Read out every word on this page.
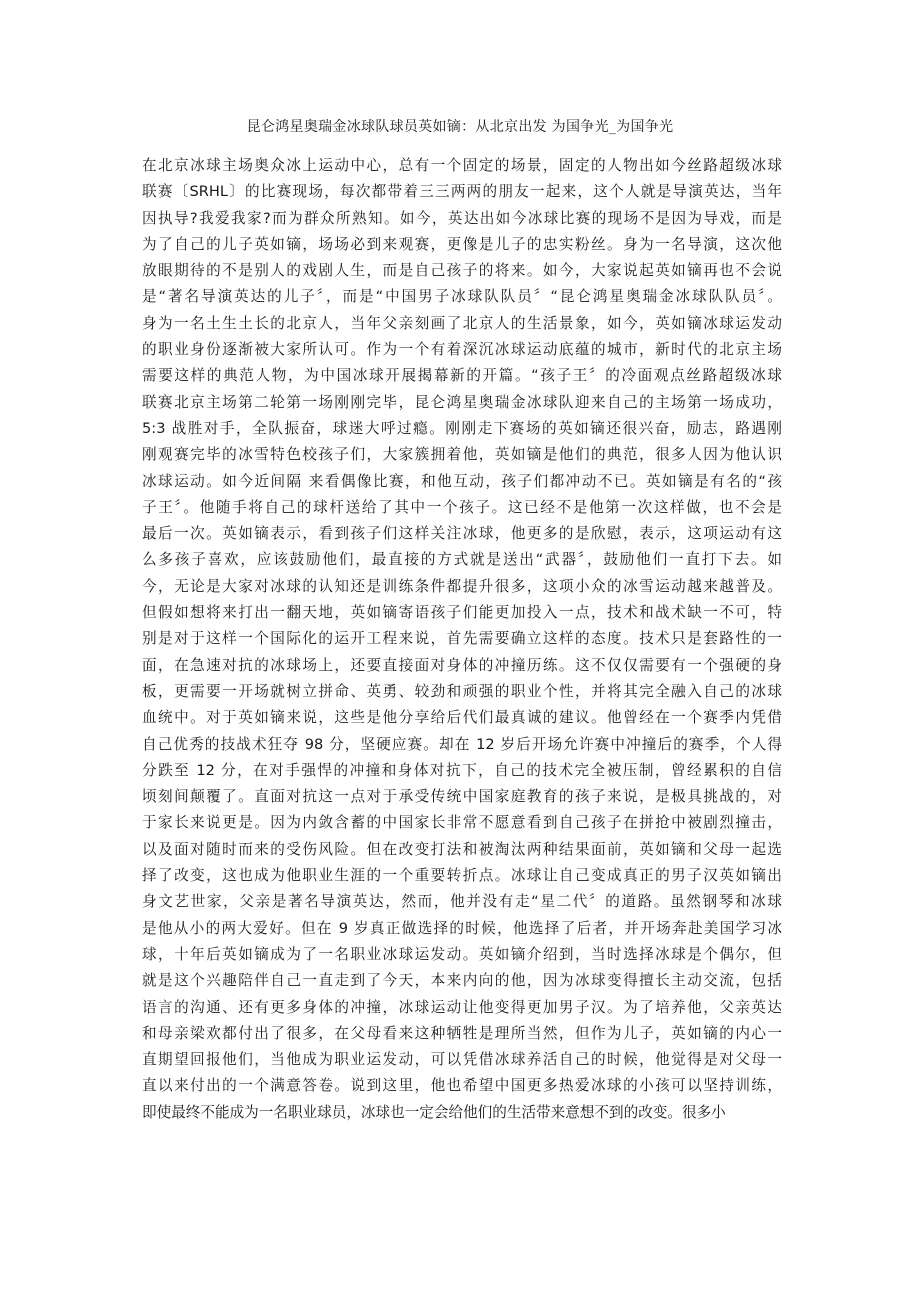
昆仑鸿星奥瑞金冰球队球员英如镝：从北京出发 为国争光_为国争光
在北京冰球主场奥众冰上运动中心，总有一个固定的场景，固定的人物出如今丝路超级冰球
联赛〔SRHL〕的比赛现场，每次都带着三三两两的朋友一起来，这个人就是导演英达，当年
因执导?我爱我家?而为群众所熟知。如今，英达出如今冰球比赛的现场不是因为导戏，而是
为了自己的儿子英如镝，场场必到来观赛，更像是儿子的忠实粉丝。身为一名导演，这次他
放眼期待的不是别人的戏剧人生，而是自己孩子的将来。如今，大家说起英如镝再也不会说
是“著名导演英达的儿子〞，而是“中国男子冰球队队员〞“昆仑鸿星奥瑞金冰球队队员〞。
身为一名土生土长的北京人，当年父亲刻画了北京人的生活景象，如今，英如镝冰球运发动
的职业身份逐渐被大家所认可。作为一个有着深沉冰球运动底蕴的城市，新时代的北京主场
需要这样的典范人物，为中国冰球开展揭幕新的开篇。“孩子王〞的冷面观点丝路超级冰球
联赛北京主场第二轮第一场刚刚完毕，昆仑鸿星奥瑞金冰球队迎来自己的主场第一场成功，
5:3 战胜对手，全队振奋，球迷大呼过瘾。刚刚走下赛场的英如镝还很兴奋，励志，路遇刚
刚观赛完毕的冰雪特色校孩子们，大家簇拥着他，英如镝是他们的典范，很多人因为他认识
冰球运动。如今近间隔 来看偶像比赛，和他互动，孩子们都冲动不已。英如镝是有名的“孩
子王〞。他随手将自己的球杆送给了其中一个孩子。这已经不是他第一次这样做，也不会是
最后一次。英如镝表示，看到孩子们这样关注冰球，他更多的是欣慰，表示，这项运动有这
么多孩子喜欢，应该鼓励他们，最直接的方式就是送出“武器〞，鼓励他们一直打下去。如
今，无论是大家对冰球的认知还是训练条件都提升很多，这项小众的冰雪运动越来越普及。
但假如想将来打出一翻天地，英如镝寄语孩子们能更加投入一点，技术和战术缺一不可，特
别是对于这样一个国际化的运开工程来说，首先需要确立这样的态度。技术只是套路性的一
面，在急速对抗的冰球场上，还要直接面对身体的冲撞历练。这不仅仅需要有一个强硬的身
板，更需要一开场就树立拼命、英勇、较劲和顽强的职业个性，并将其完全融入自己的冰球
血统中。对于英如镝来说，这些是他分享给后代们最真诚的建议。他曾经在一个赛季内凭借
自己优秀的技战术狂夺 98 分，坚硬应赛。却在 12 岁后开场允许赛中冲撞后的赛季，个人得
分跌至 12 分，在对手强悍的冲撞和身体对抗下，自己的技术完全被压制，曾经累积的自信
顷刻间颠覆了。直面对抗这一点对于承受传统中国家庭教育的孩子来说，是极具挑战的，对
于家长来说更是。因为内敛含蓄的中国家长非常不愿意看到自己孩子在拼抢中被剧烈撞击，
以及面对随时而来的受伤风险。但在改变打法和被淘汰两种结果面前，英如镝和父母一起选
择了改变，这也成为他职业生涯的一个重要转折点。冰球让自己变成真正的男子汉英如镝出
身文艺世家，父亲是著名导演英达，然而，他并没有走“星二代〞的道路。虽然钢琴和冰球
是他从小的两大爱好。但在 9 岁真正做选择的时候，他选择了后者，并开场奔赴美国学习冰
球，十年后英如镝成为了一名职业冰球运发动。英如镝介绍到，当时选择冰球是个偶尔，但
就是这个兴趣陪伴自己一直走到了今天，本来内向的他，因为冰球变得擅长主动交流，包括
语言的沟通、还有更多身体的冲撞，冰球运动让他变得更加男子汉。为了培养他，父亲英达
和母亲梁欢都付出了很多，在父母看来这种牺牲是理所当然，但作为儿子，英如镝的内心一
直期望回报他们，当他成为职业运发动，可以凭借冰球养活自己的时候，他觉得是对父母一
直以来付出的一个满意答卷。说到这里，他也希望中国更多热爱冰球的小孩可以坚持训练，
即使最终不能成为一名职业球员，冰球也一定会给他们的生活带来意想不到的改变。很多小
